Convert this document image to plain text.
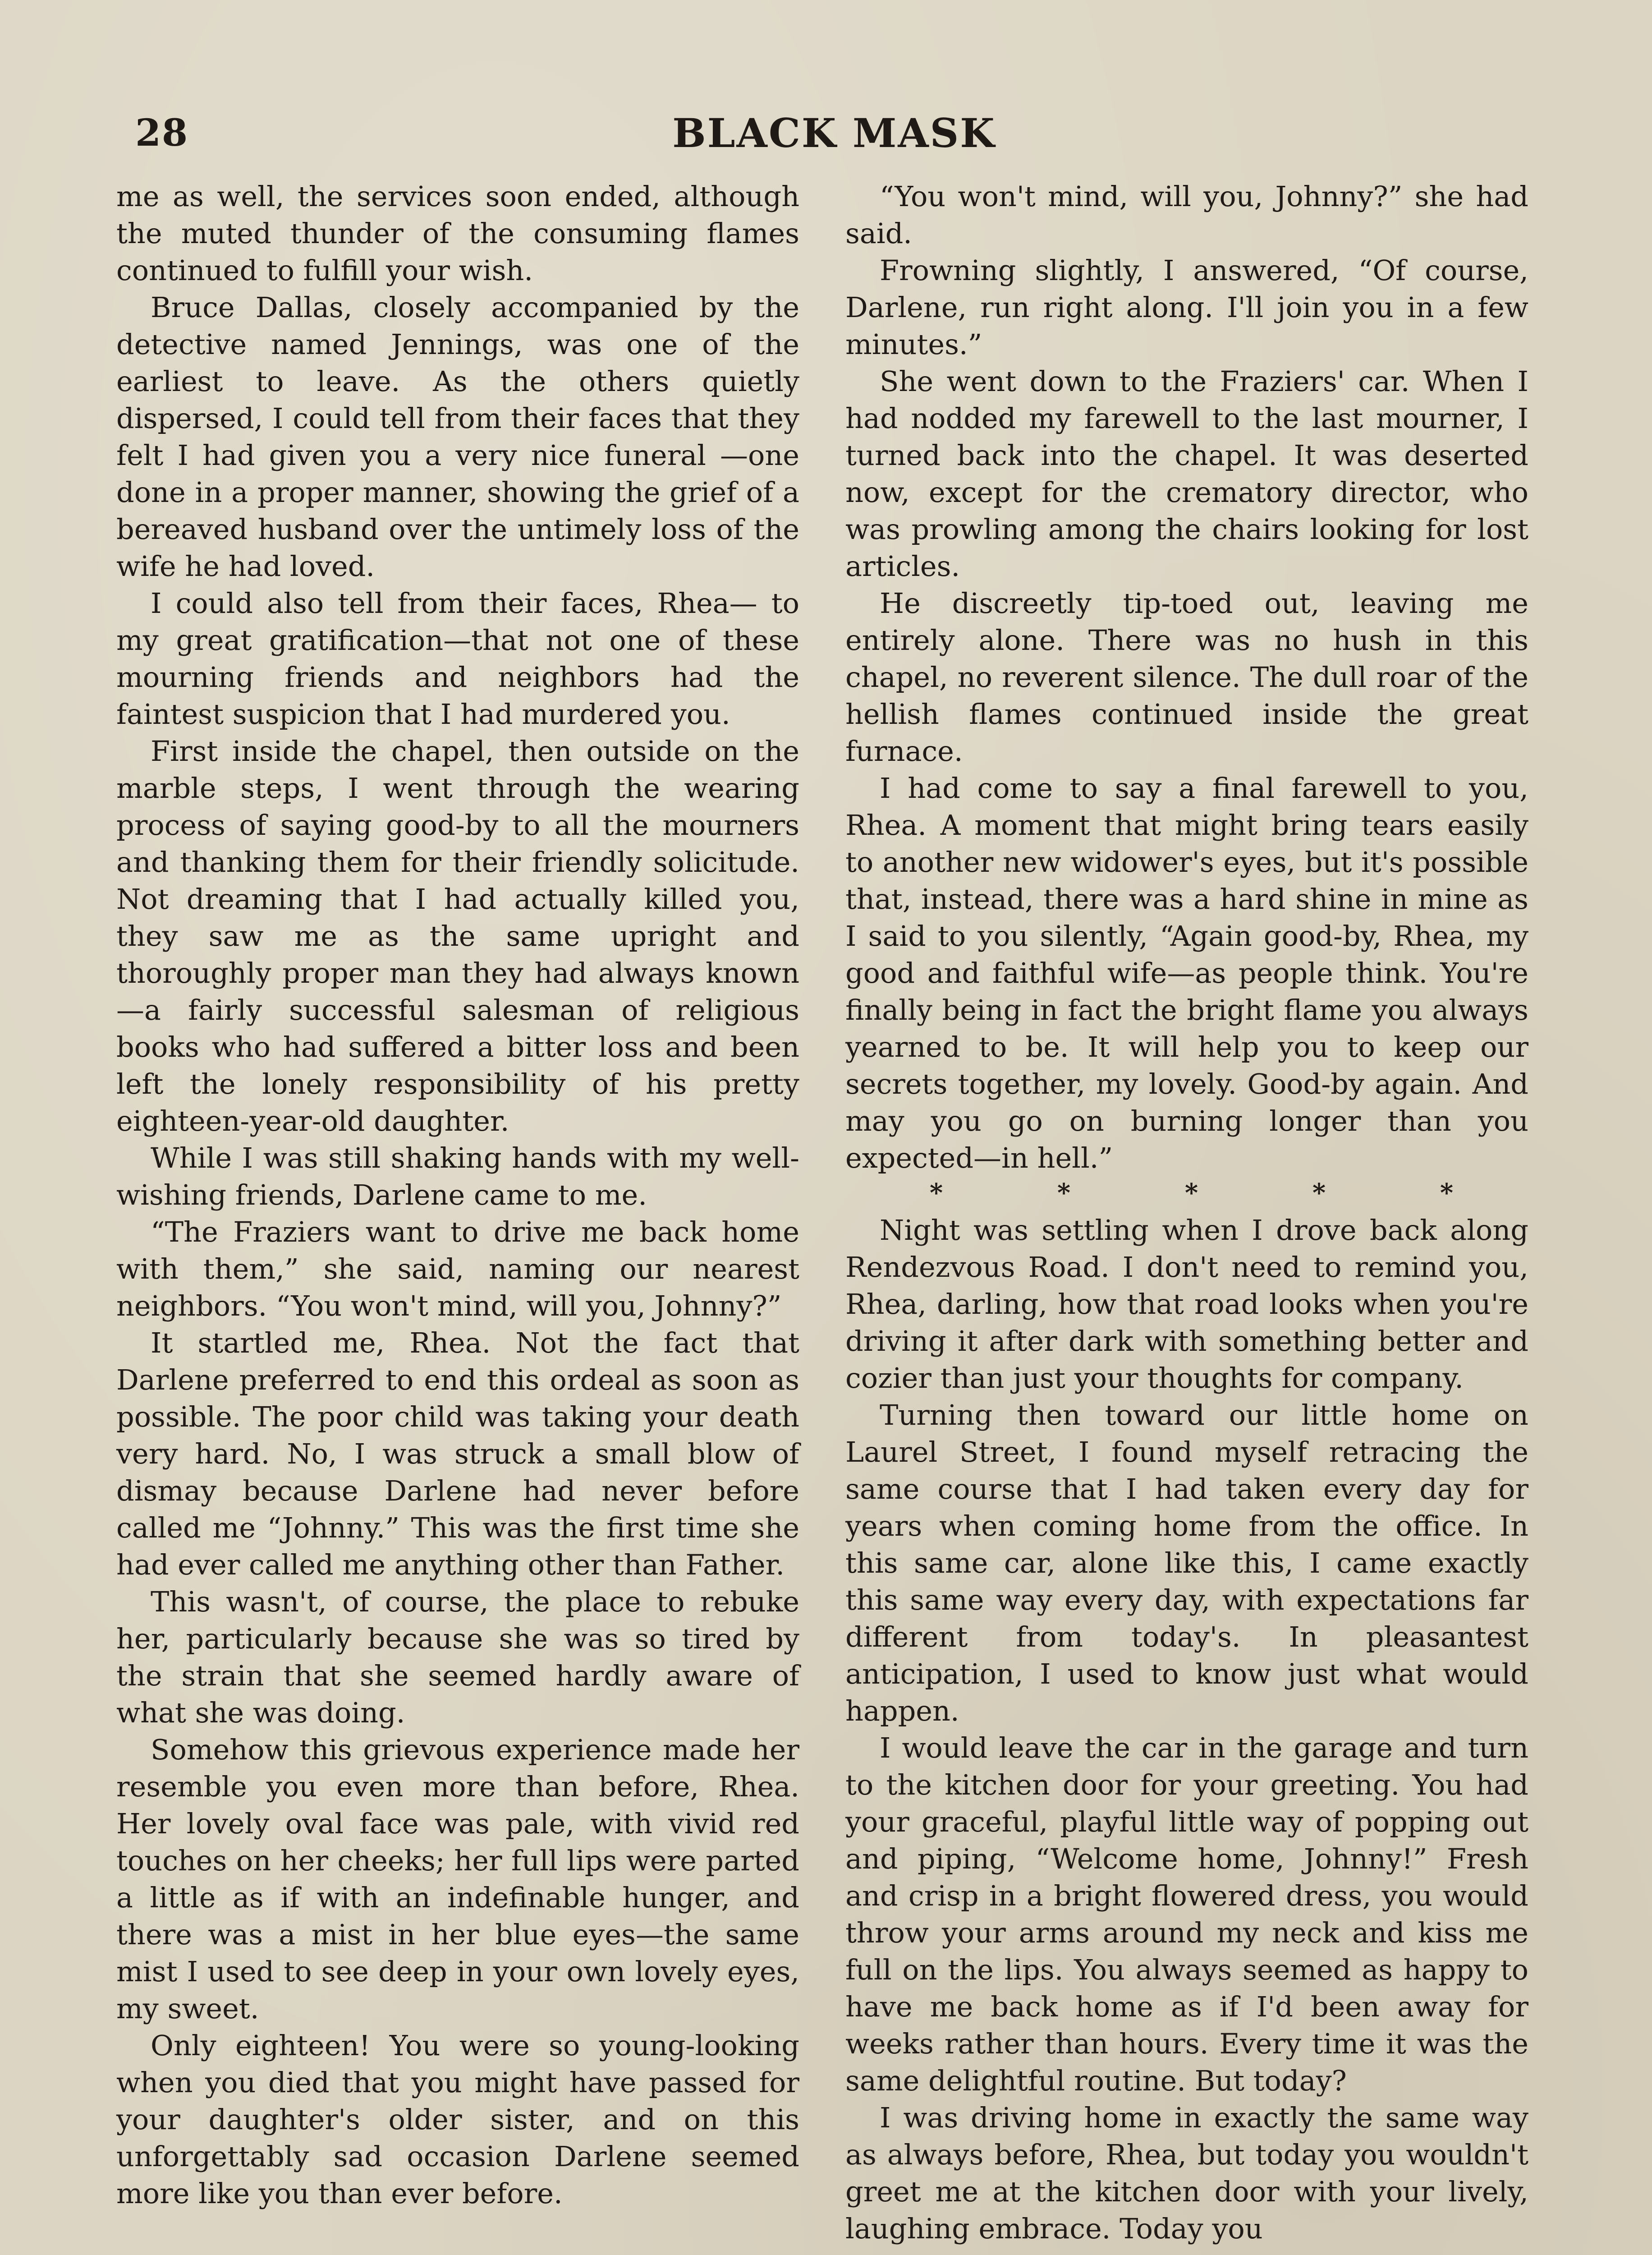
28	BLACK MASK

me as well, the services soon ended, although the muted thunder of the consuming flames continued to fulfill your wish.

Bruce Dallas, closely accompanied by the detective named Jennings, was one of the earliest to leave. As the others quietly dispersed, I could tell from their faces that they felt I had given you a very nice funeral —one done in a proper manner, showing the grief of a bereaved husband over the untimely loss of the wife he had loved.

I could also tell from their faces, Rhea— to my great gratification—that not one of these mourning friends and neighbors had the faintest suspicion that I had murdered you.

First inside the chapel, then outside on the marble steps, I went through the wearing process of saying good-by to all the mourners and thanking them for their friendly solicitude. Not dreaming that I had actually killed you, they saw me as the same upright and thoroughly proper man they had always known—a fairly successful salesman of religious books who had suffered a bitter loss and been left the lonely responsibility of his pretty eighteen-year-old daughter.

While I was still shaking hands with my well-wishing friends, Darlene came to me.

“The Fraziers want to drive me back home with them,” she said, naming our nearest neighbors. “You won't mind, will you, Johnny?”

It startled me, Rhea. Not the fact that Darlene preferred to end this ordeal as soon as possible. The poor child was taking your death very hard. No, I was struck a small blow of dismay because Darlene had never before called me “Johnny.” This was the first time she had ever called me anything other than Father.

This wasn't, of course, the place to rebuke her, particularly because she was so tired by the strain that she seemed hardly aware of what she was doing.

Somehow this grievous experience made her resemble you even more than before, Rhea. Her lovely oval face was pale, with vivid red touches on her cheeks; her full lips were parted a little as if with an indefinable hunger, and there was a mist in her blue eyes—the same mist I used to see deep in your own lovely eyes, my sweet.

Only eighteen! You were so young-looking when you died that you might have passed for your daughter's older sister, and on this unforgettably sad occasion Darlene seemed more like you than ever before.

“You won't mind, will you, Johnny?” she had said.

Frowning slightly, I answered, “Of course, Darlene, run right along. I'll join you in a few minutes.”

She went down to the Fraziers' car. When I had nodded my farewell to the last mourner, I turned back into the chapel. It was deserted now, except for the crematory director, who was prowling among the chairs looking for lost articles.

He discreetly tip-toed out, leaving me entirely alone. There was no hush in this chapel, no reverent silence. The dull roar of the hellish flames continued inside the great furnace.

I had come to say a final farewell to you, Rhea. A moment that might bring tears easily to another new widower's eyes, but it's possible that, instead, there was a hard shine in mine as I said to you silently, “Again good-by, Rhea, my good and faithful wife—as people think. You're finally being in fact the bright flame you always yearned to be. It will help you to keep our secrets together, my lovely. Good-by again. And may you go on burning longer than you expected—in hell.”

*	*	*	*	*

Night was settling when I drove back along Rendezvous Road. I don't need to remind you, Rhea, darling, how that road looks when you're driving it after dark with something better and cozier than just your thoughts for company.

Turning then toward our little home on Laurel Street, I found myself retracing the same course that I had taken every day for years when coming home from the office. In this same car, alone like this, I came exactly this same way every day, with expectations far different from today's. In pleasantest anticipation, I used to know just what would happen.

I would leave the car in the garage and turn to the kitchen door for your greeting. You had your graceful, playful little way of popping out and piping, “Welcome home, Johnny!” Fresh and crisp in a bright flowered dress, you would throw your arms around my neck and kiss me full on the lips. You always seemed as happy to have me back home as if I'd been away for weeks rather than hours. Every time it was the same delightful routine. But today?

I was driving home in exactly the same way as always before, Rhea, but today you wouldn't greet me at the kitchen door with your lively, laughing embrace. Today you
